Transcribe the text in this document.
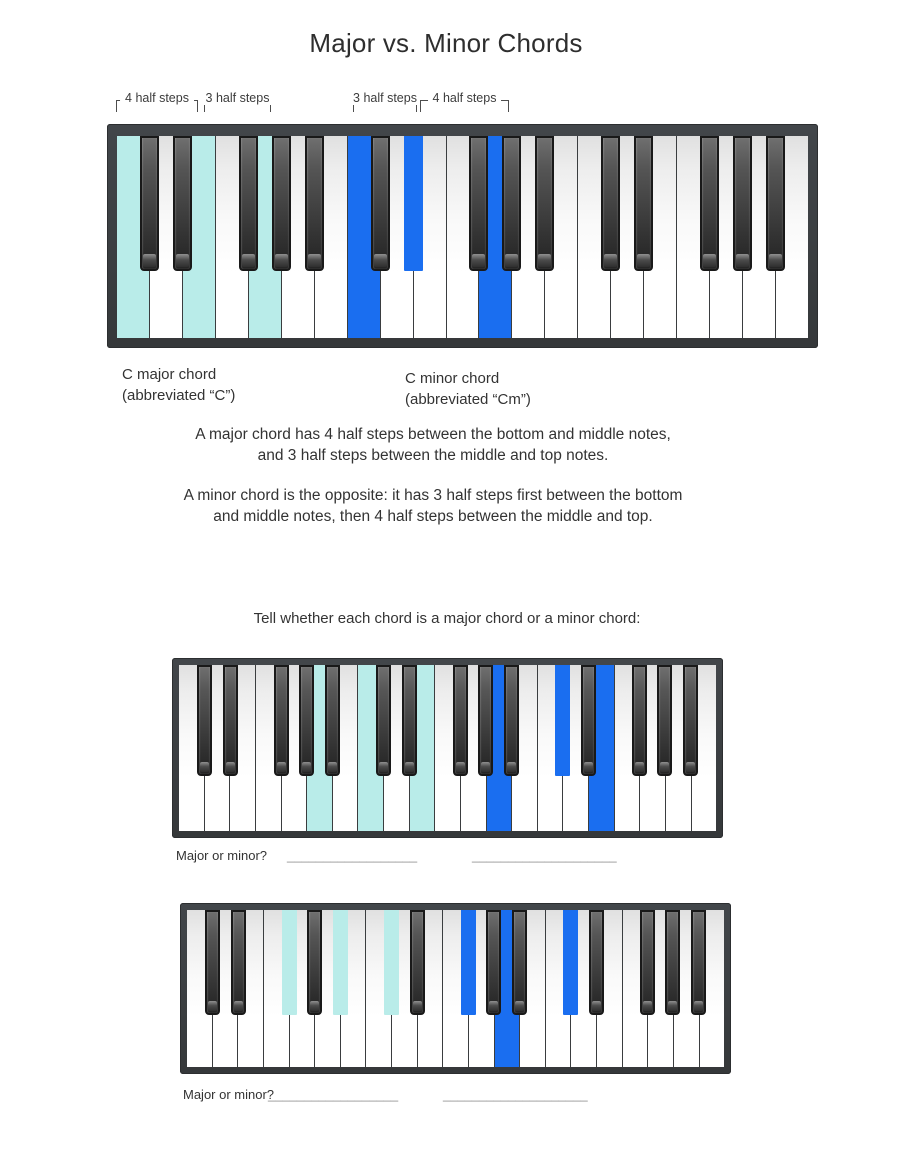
Major vs. Minor Chords
4 half steps	3 half steps	3 half steps	4 half steps
C major chord
(abbreviated “C”)
C minor chord
(abbreviated “Cm”)
A major chord has 4 half steps between the bottom and middle notes,
and 3 half steps between the middle and top notes.
A minor chord is the opposite: it has 3 half steps first between the bottom
and middle notes, then 4 half steps between the middle and top.
Tell whether each chord is a major chord or a minor chord:
Major or minor? __________________	____________________
Major or minor?
__________________	____________________
